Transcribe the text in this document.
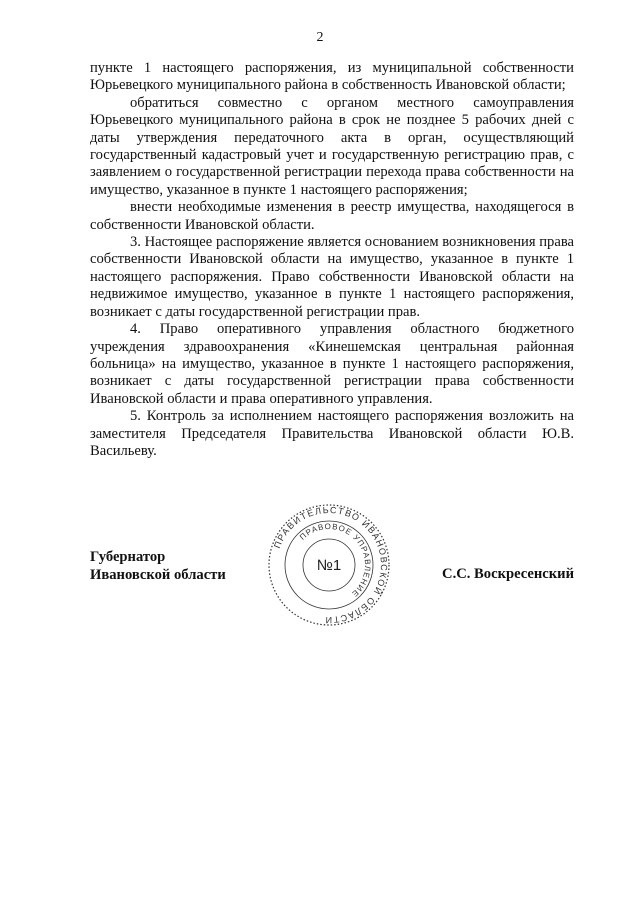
2

пункте 1 настоящего распоряжения, из муниципальной собственности Юрьевецкого муниципального района в собственность Ивановской области;

обратиться совместно с органом местного самоуправления Юрьевецкого муниципального района в срок не позднее 5 рабочих дней с даты утверждения передаточного акта в орган, осуществляющий государственный кадастровый учет и государственную регистрацию прав, с заявлением о государственной регистрации перехода права собственности на имущество, указанное в пункте 1 настоящего распоряжения;

внести необходимые изменения в реестр имущества, находящегося в собственности Ивановской области.

3. Настоящее распоряжение является основанием возникновения права собственности Ивановской области на имущество, указанное в пункте 1 настоящего распоряжения. Право собственности Ивановской области на недвижимое имущество, указанное в пункте 1 настоящего распоряжения, возникает с даты государственной регистрации прав.

4. Право оперативного управления областного бюджетного учреждения здравоохранения «Кинешемская центральная районная больница» на имущество, указанное в пункте 1 настоящего распоряжения, возникает с даты государственной регистрации права собственности Ивановской области и права оперативного управления.

5. Контроль за исполнением настоящего распоряжения возложить на заместителя Председателя Правительства Ивановской области Ю.В. Васильеву.

Губернатор
Ивановской области
ПРАВИТЕЛЬСТВО ИВАНОВСКОЙ ОБЛАСТИ
ПРАВОВОЕ УПРАВЛЕНИЕ
№1	С.С. Воскресенский
